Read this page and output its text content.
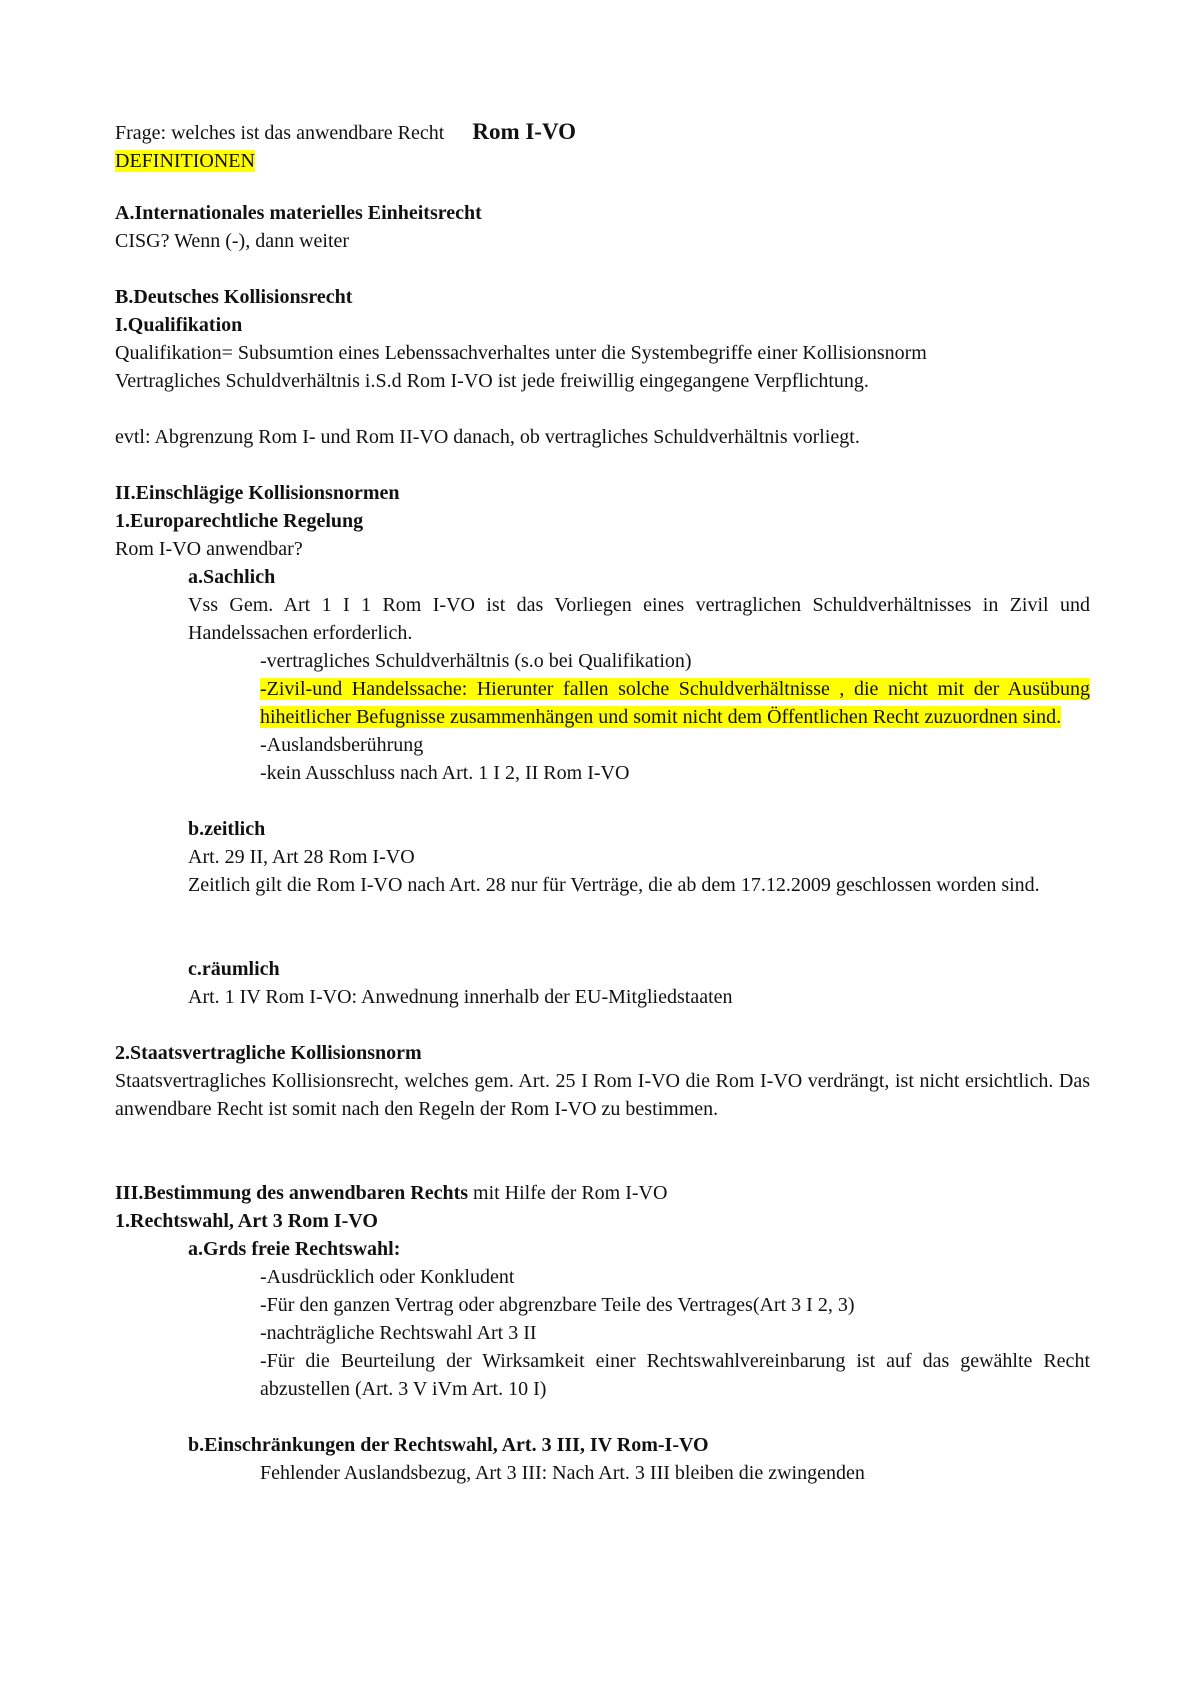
Frage: welches ist das anwendbare Recht Rom I-VO

DEFINITIONEN

A.Internationales materielles Einheitsrecht

CISG? Wenn (-), dann weiter

B.Deutsches Kollisionsrecht

I.Qualifikation

Qualifikation= Subsumtion eines Lebenssachverhaltes unter die Systembegriffe einer Kollisionsnorm

Vertragliches Schuldverhältnis i.S.d Rom I-VO ist jede freiwillig eingegangene Verpflichtung.

evtl: Abgrenzung Rom I- und Rom II-VO danach, ob vertragliches Schuldverhältnis vorliegt.

II.Einschlägige Kollisionsnormen

1.Europarechtliche Regelung

Rom I-VO anwendbar?

a.Sachlich

Vss Gem. Art 1 I 1 Rom I-VO ist das Vorliegen eines vertraglichen Schuldverhältnisses in Zivil und Handelssachen erforderlich.

-vertragliches Schuldverhältnis (s.o bei Qualifikation)

-Zivil-und Handelssache: Hierunter fallen solche Schuldverhältnisse , die nicht mit der Ausübung hiheitlicher Befugnisse zusammenhängen und somit nicht dem Öffentlichen Recht zuzuordnen sind.

-Auslandsberührung

-kein Ausschluss nach Art. 1 I 2, II Rom I-VO

b.zeitlich

Art. 29 II, Art 28 Rom I-VO

Zeitlich gilt die Rom I-VO nach Art. 28 nur für Verträge, die ab dem 17.12.2009 geschlossen worden sind.

c.räumlich

Art. 1 IV Rom I-VO: Anwednung innerhalb der EU-Mitgliedstaaten

2.Staatsvertragliche Kollisionsnorm

Staatsvertragliches Kollisionsrecht, welches gem. Art. 25 I Rom I-VO die Rom I-VO verdrängt, ist nicht ersichtlich. Das anwendbare Recht ist somit nach den Regeln der Rom I-VO zu bestimmen.

III.Bestimmung des anwendbaren Rechts mit Hilfe der Rom I-VO

1.Rechtswahl, Art 3 Rom I-VO

a.Grds freie Rechtswahl:

-Ausdrücklich oder Konkludent

-Für den ganzen Vertrag oder abgrenzbare Teile des Vertrages(Art 3 I 2, 3)

-nachträgliche Rechtswahl Art 3 II

-Für die Beurteilung der Wirksamkeit einer Rechtswahlvereinbarung ist auf das gewählte Recht abzustellen (Art. 3 V iVm Art. 10 I)

b.Einschränkungen der Rechtswahl, Art. 3 III, IV Rom-I-VO

Fehlender Auslandsbezug, Art 3 III: Nach Art. 3 III bleiben die zwingenden
